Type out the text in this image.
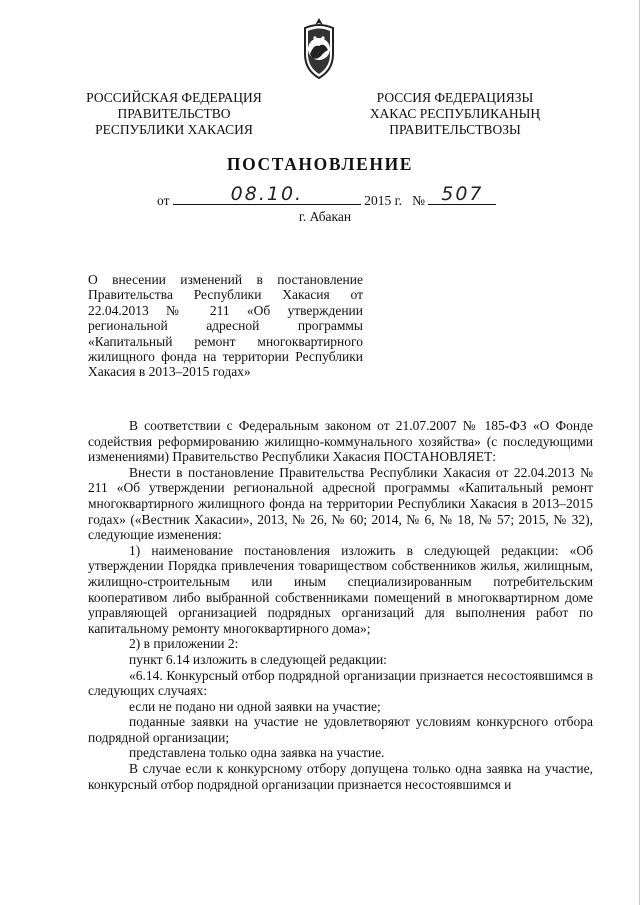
РОССИЙСКАЯ ФЕДЕРАЦИЯ
ПРАВИТЕЛЬСТВО
РЕСПУБЛИКИ ХАКАСИЯ
РОССИЯ ФЕДЕРАЦИЯЗЫ
ХАКАС РЕСПУБЛИКАНЫҢ
ПРАВИТЕЛЬСТВОЗЫ
ПОСТАНОВЛЕНИЕ
от	08.10.	2015 г. № 507
г. Абакан
О внесении изменений в постановление Правительства Республики Хакасия от 22.04.2013 № 211 «Об утверждении региональной адресной программы «Капитальный ремонт многоквартирного жилищного фонда на территории Республики Хакасия в 2013–2015 годах»

В соответствии с Федеральным законом от 21.07.2007 № 185-ФЗ «О Фонде содействия реформированию жилищно-коммунального хозяйства» (с последующими изменениями) Правительство Республики Хакасия ПОСТАНОВЛЯЕТ:

Внести в постановление Правительства Республики Хакасия от 22.04.2013 № 211 «Об утверждении региональной адресной программы «Капитальный ремонт многоквартирного жилищного фонда на территории Республики Хакасия в 2013–2015 годах» («Вестник Хакасии», 2013, № 26, № 60; 2014, № 6, № 18, № 57; 2015, № 32), следующие изменения:

1) наименование постановления изложить в следующей редакции: «Об утверждении Порядка привлечения товариществом собственников жилья, жилищным, жилищно-строительным или иным специализированным потребительским кооперативом либо выбранной собственниками помещений в многоквартирном доме управляющей организацией подрядных организаций для выполнения работ по капитальному ремонту многоквартирного дома»;

2) в приложении 2:

пункт 6.14 изложить в следующей редакции:

«6.14. Конкурсный отбор подрядной организации признается несостоявшимся в следующих случаях:

если не подано ни одной заявки на участие;

поданные заявки на участие не удовлетворяют условиям конкурсного отбора подрядной организации;

представлена только одна заявка на участие.

В случае если к конкурсному отбору допущена только одна заявка на участие, конкурсный отбор подрядной организации признается несостоявшимся и
